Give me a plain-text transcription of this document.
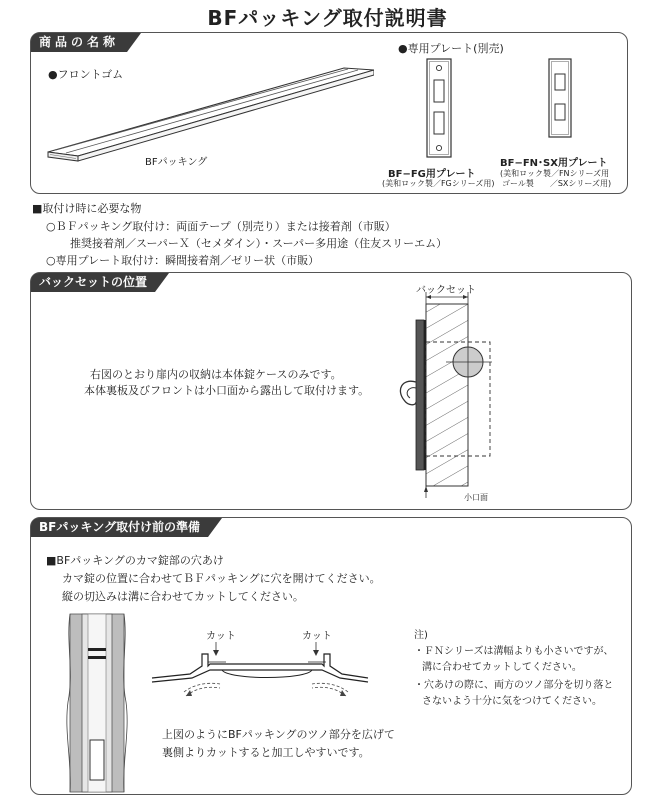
BFパッキング取付説明書
商品の名称
●フロントゴム
BFパッキング
●専用プレート(別売)
BF−FG用プレート
(美和ロック製／FGシリーズ用)
BF−FN･SX用プレート
(美和ロック製／FNシリーズ用
ゴール製　　／SXシリーズ用)
■取付け時に必要な物
○ＢＦパッキング取付け：両面テープ（別売り）または接着剤（市販）
推奨接着剤／スーパーＸ（セメダイン）・スーパー多用途（住友スリーエム）
○専用プレート取付け：瞬間接着剤／ゼリー状（市販）
バックセットの位置
右図のとおり扉内の収納は本体錠ケースのみです。
本体裏板及びフロントは小口面から露出して取付けます。
バックセット
小口面
BFパッキング取付け前の準備
■BFパッキングのカマ錠部の穴あけ
カマ錠の位置に合わせてＢＦパッキングに穴を開けてください。
縦の切込みは溝に合わせてカットしてください。
カット	カット
上図のようにBFパッキングのツノ部分を広げて
裏側よりカットすると加工しやすいです。
注)
・ＦＮシリーズは溝幅よりも小さいですが、
溝に合わせてカットしてください。
・穴あけの際に、両方のツノ部分を切り落と
さないよう十分に気をつけてください。
